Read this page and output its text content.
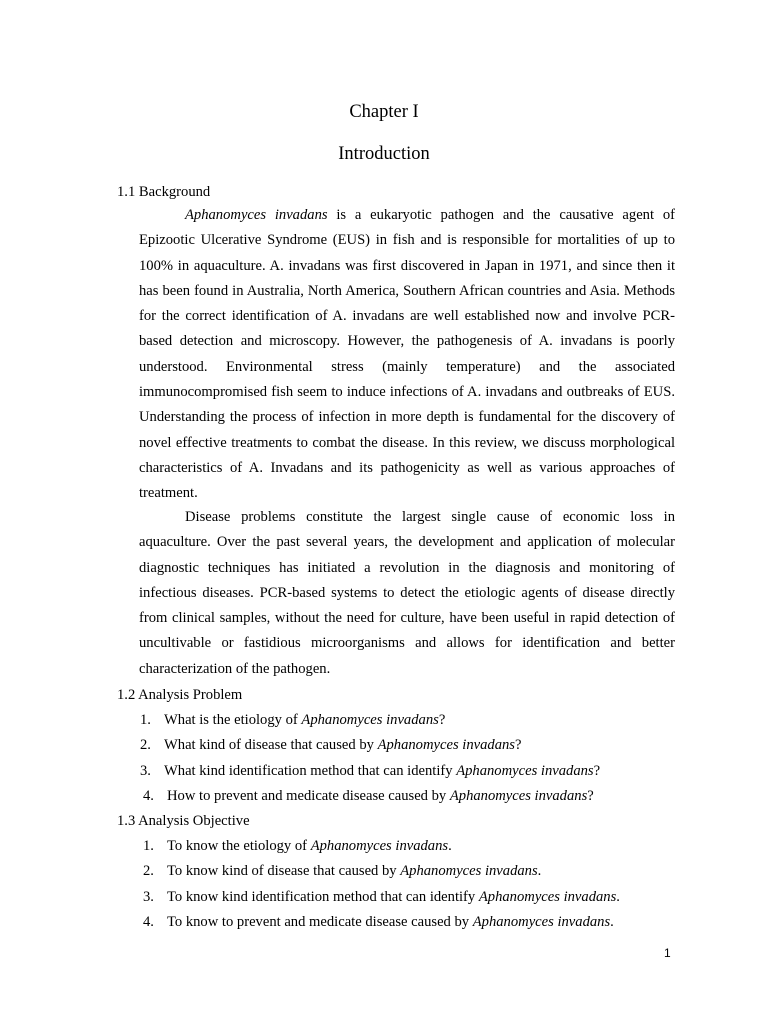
Chapter I
Introduction
1.1 Background

Aphanomyces invadans is a eukaryotic pathogen and the causative agent of Epizootic Ulcerative Syndrome (EUS) in fish and is responsible for mortalities of up to 100% in aquaculture. A. invadans was first discovered in Japan in 1971, and since then it has been found in Australia, North America, Southern African countries and Asia. Methods for the correct identification of A. invadans are well established now and involve PCR-based detection and microscopy. However, the pathogenesis of A. invadans is poorly understood. Environmental stress (mainly temperature) and the associated immunocompromised fish seem to induce infections of A. invadans and outbreaks of EUS. Understanding the process of infection in more depth is fundamental for the discovery of novel effective treatments to combat the disease. In this review, we discuss morphological characteristics of A. Invadans and its pathogenicity as well as various approaches of treatment.

Disease problems constitute the largest single cause of economic loss in aquaculture. Over the past several years, the development and application of molecular diagnostic techniques has initiated a revolution in the diagnosis and monitoring of infectious diseases. PCR-based systems to detect the etiologic agents of disease directly from clinical samples, without the need for culture, have been useful in rapid detection of uncultivable or fastidious microorganisms and allows for identification and better characterization of the pathogen.

1.2 Analysis Problem
1. What is the etiology of Aphanomyces invadans?
2. What kind of disease that caused by Aphanomyces invadans?
3. What kind identification method that can identify Aphanomyces invadans?
4. How to prevent and medicate disease caused by Aphanomyces invadans?
1.3 Analysis Objective
1. To know the etiology of Aphanomyces invadans.
2. To know kind of disease that caused by Aphanomyces invadans.
3. To know kind identification method that can identify Aphanomyces invadans.
4. To know to prevent and medicate disease caused by Aphanomyces invadans.
1
